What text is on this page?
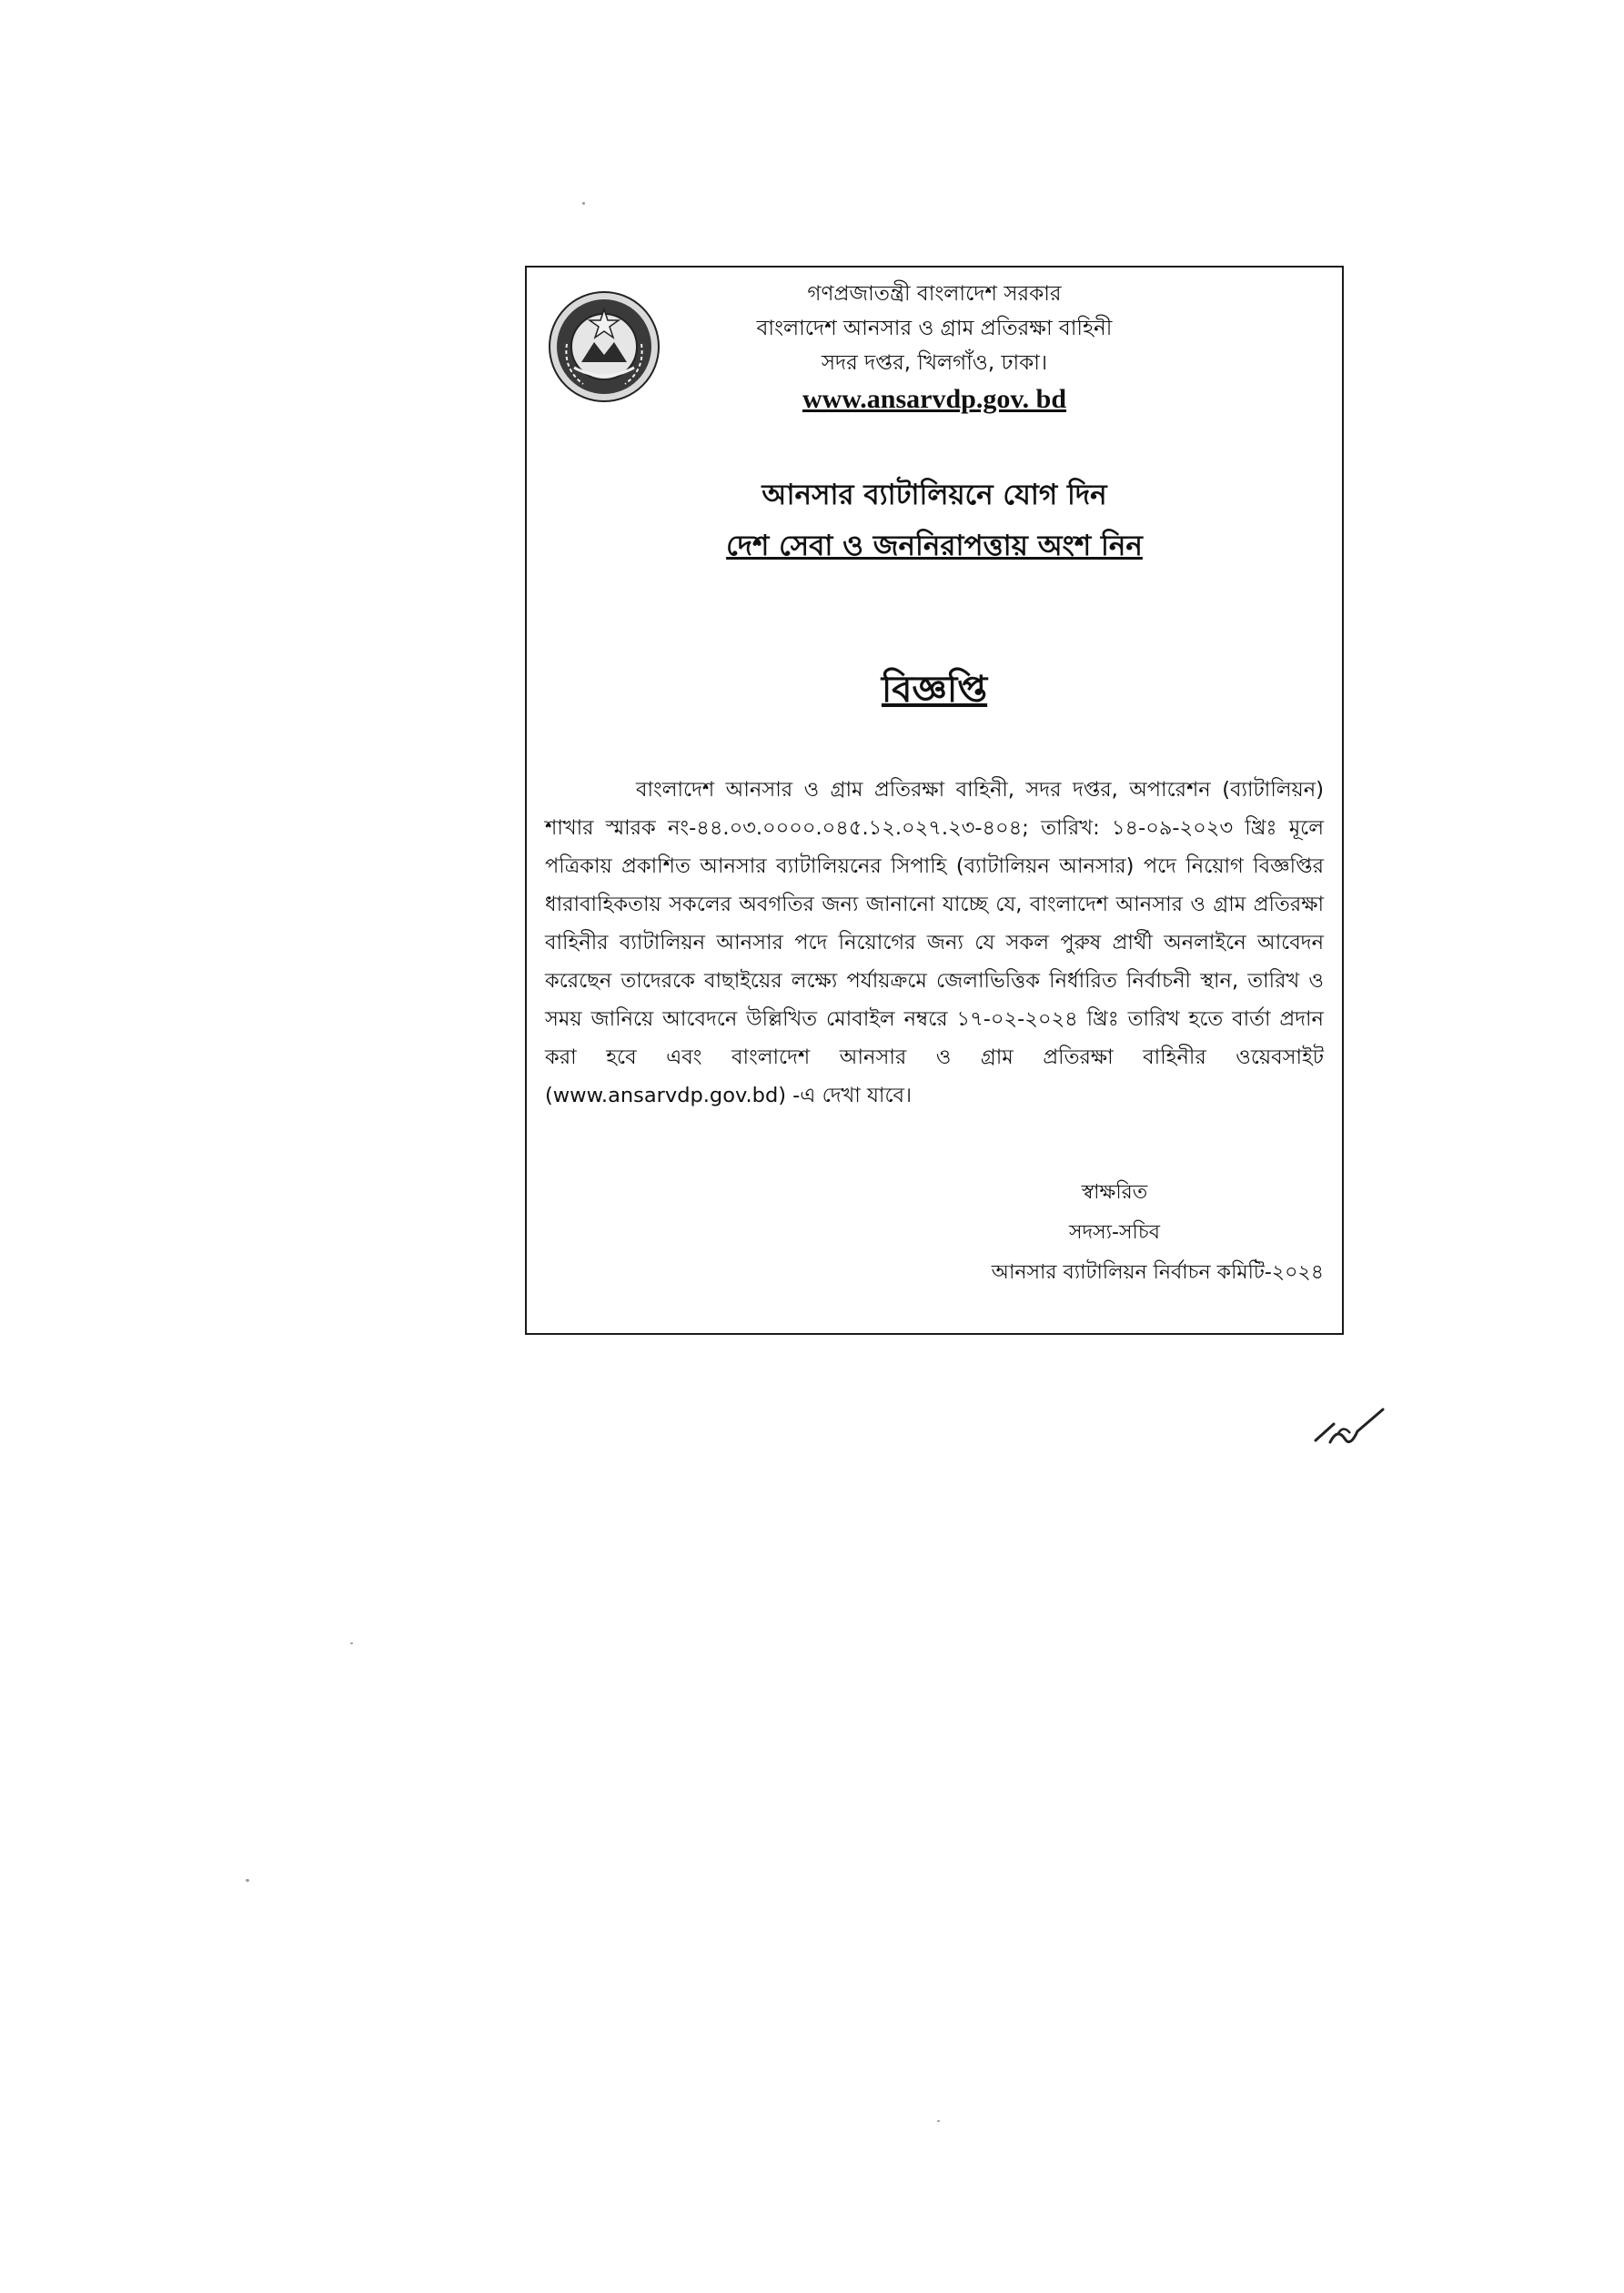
গণপ্রজাতন্ত্রী বাংলাদেশ সরকার
বাংলাদেশ আনসার ও গ্রাম প্রতিরক্ষা বাহিনী
সদর দপ্তর, খিলগাঁও, ঢাকা।
www.ansarvdp.gov. bd
আনসার ব্যাটালিয়নে যোগ দিন
দেশ সেবা ও জননিরাপত্তায় অংশ নিন
বিজ্ঞপ্তি

বাংলাদেশ আনসার ও গ্রাম প্রতিরক্ষা বাহিনী, সদর দপ্তর, অপারেশন (ব্যাটালিয়ন) শাখার স্মারক নং-৪৪.০৩.০০০০.০৪৫.১২.০২৭.২৩-৪০৪; তারিখ: ১৪-০৯-২০২৩ খ্রিঃ মূলে পত্রিকায় প্রকাশিত আনসার ব্যাটালিয়নের সিপাহি (ব্যাটালিয়ন আনসার) পদে নিয়োগ বিজ্ঞপ্তির ধারাবাহিকতায় সকলের অবগতির জন্য জানানো যাচ্ছে যে, বাংলাদেশ আনসার ও গ্রাম প্রতিরক্ষা বাহিনীর ব্যাটালিয়ন আনসার পদে নিয়োগের জন্য যে সকল পুরুষ প্রার্থী অনলাইনে আবেদন করেছেন তাদেরকে বাছাইয়ের লক্ষ্যে পর্যায়ক্রমে জেলাভিত্তিক নির্ধারিত নির্বাচনী স্থান, তারিখ ও সময় জানিয়ে আবেদনে উল্লিখিত মোবাইল নম্বরে ১৭-০২-২০২৪ খ্রিঃ তারিখ হতে বার্তা প্রদান করা হবে এবং বাংলাদেশ আনসার ও গ্রাম প্রতিরক্ষা বাহিনীর ওয়েবসাইট (www.ansarvdp.gov.bd) -এ দেখা যাবে।

স্বাক্ষরিত
সদস্য-সচিব
আনসার ব্যাটালিয়ন নির্বাচন কমিটি-২০২৪
